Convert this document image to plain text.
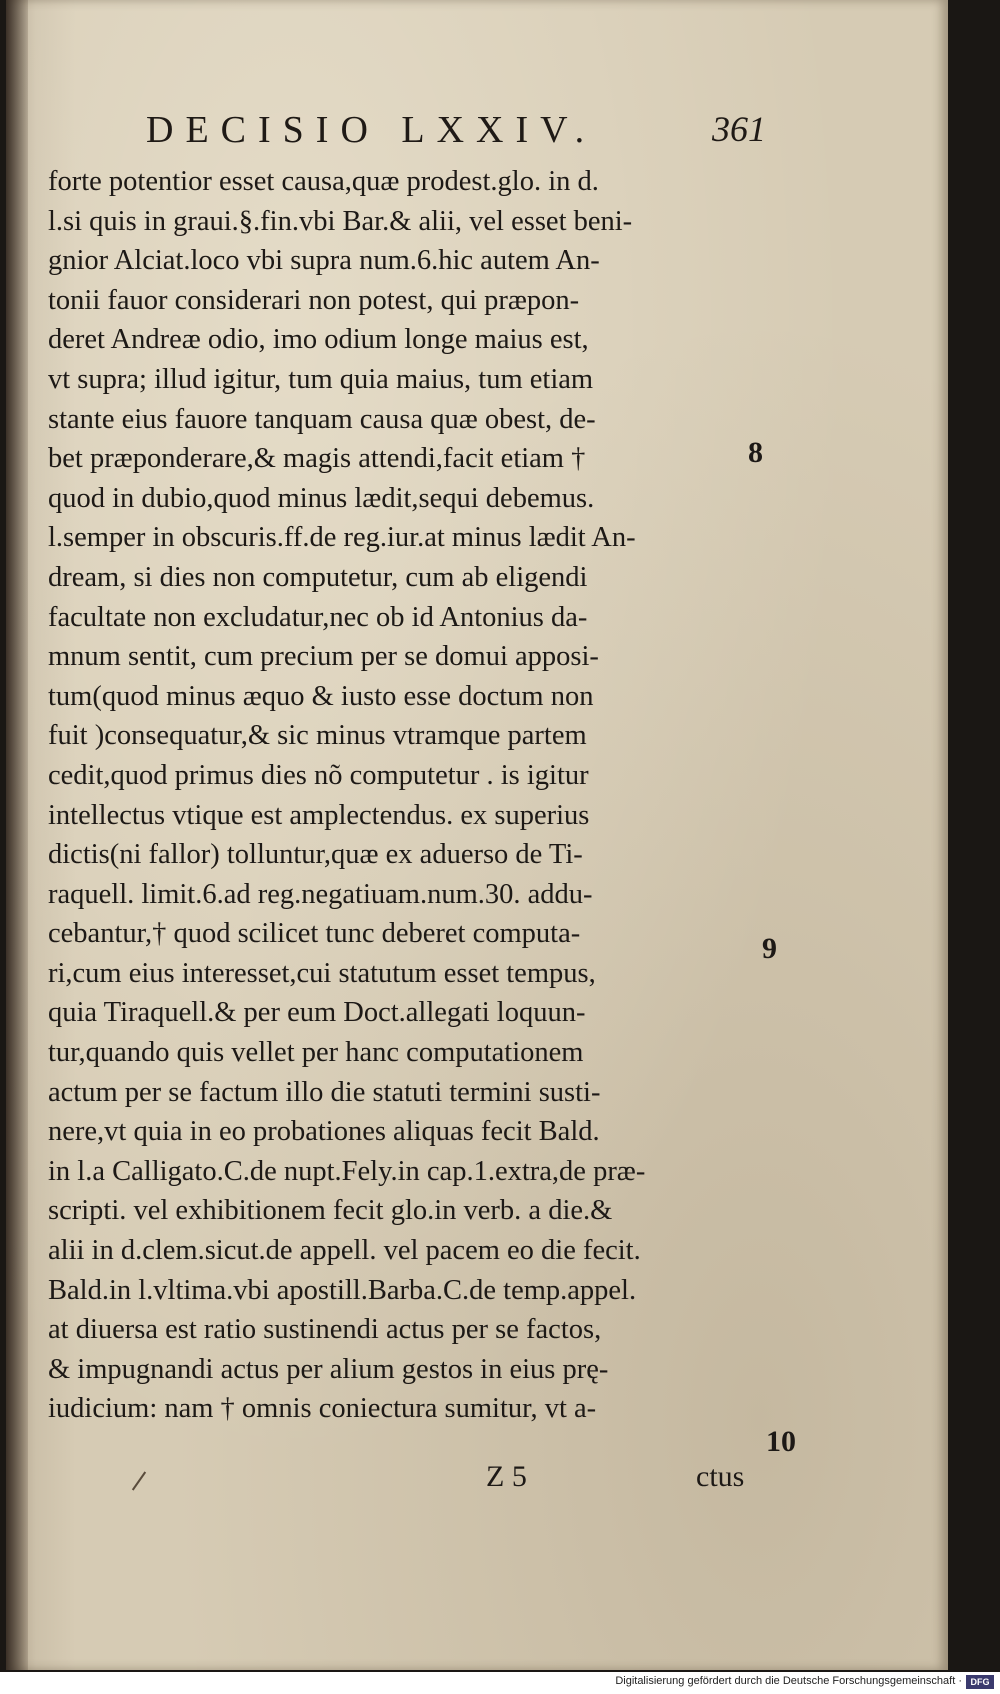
DECISIO LXXIV.	361
forte potentior esset causa,quæ prodest.glo. in d.
l.si quis in graui.§.fin.vbi Bar.& alii, vel esset beni-
gnior Alciat.loco vbi supra num.6.hic autem An-
tonii fauor considerari non potest, qui præpon-
deret Andreæ odio, imo odium longe maius est,
vt supra; illud igitur, tum quia maius, tum etiam
stante eius fauore tanquam causa quæ obest, de-
bet præponderare,& magis attendi,facit etiam †
quod in dubio,quod minus lædit,sequi debemus.
l.semper in obscuris.ff.de reg.iur.at minus lædit An-
dream, si dies non computetur, cum ab eligendi
facultate non excludatur,nec ob id Antonius da-
mnum sentit, cum precium per se domui apposi-
tum(quod minus æquo & iusto esse doctum non
fuit )consequatur,& sic minus vtramque partem
cedit,quod primus dies nõ computetur . is igitur
intellectus vtique est amplectendus. ex superius
dictis(ni fallor) tolluntur,quæ ex aduerso de Ti-
raquell. limit.6.ad reg.negatiuam.num.30. addu-
cebantur,† quod scilicet tunc deberet computa-
ri,cum eius interesset,cui statutum esset tempus,
quia Tiraquell.& per eum Doct.allegati loquun-
tur,quando quis vellet per hanc computationem
actum per se factum illo die statuti termini susti-
nere,vt quia in eo probationes aliquas fecit Bald.
in l.a Calligato.C.de nupt.Fely.in cap.1.extra,de præ-
scripti. vel exhibitionem fecit glo.in verb. a die.&
alii in d.clem.sicut.de appell. vel pacem eo die fecit.
Bald.in l.vltima.vbi apostill.Barba.C.de temp.appel.
at diuersa est ratio sustinendi actus per se factos,
& impugnandi actus per alium gestos in eius prę-
iudicium: nam † omnis coniectura sumitur, vt a-
8
9
10
Z 5	ctus
Digitalisierung gefördert durch die Deutsche Forschungsgemeinschaft · DFG
